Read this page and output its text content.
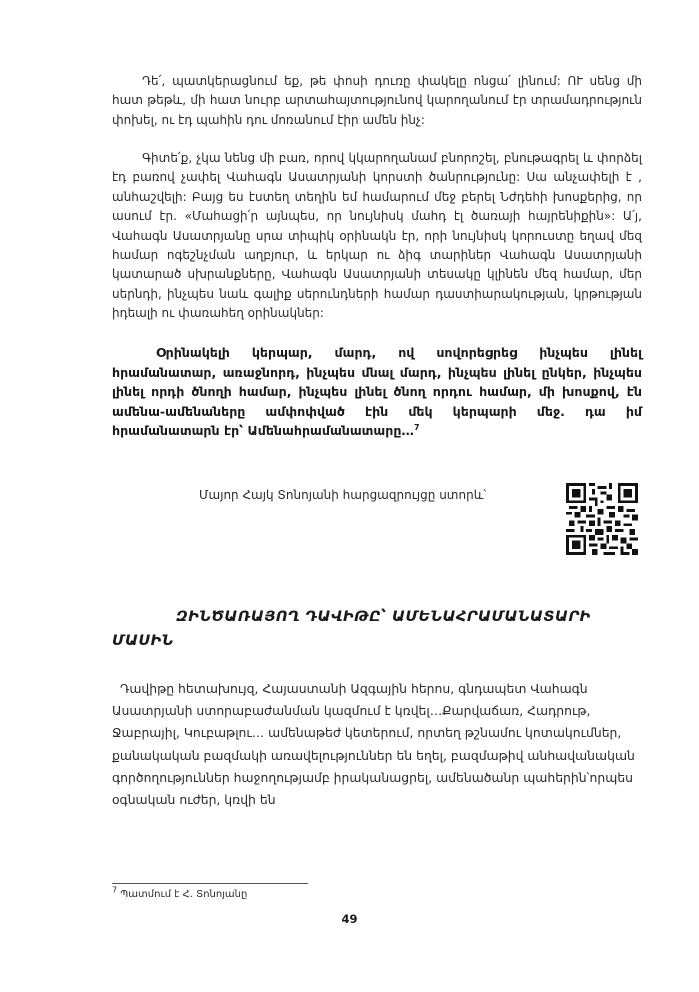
Դե՛, պատկերացնում եք, թե փոսի դուռը փակելը ոնցա՛ լինում: ՈՒ սենց մի հատ թեթև, մի հատ նուրբ արտահայտությունով կարողանում էր տրամադրություն փոխել, ու էդ պահին դու մոռանում էիր ամեն ինչ:

Գիտե՛ք, չկա նենց մի բառ, որով կկարողանամ բնորոշել, բնութագրել և փորձել էդ բառով չափել Վահագն Ասատրյանի կորստի ծանրությունը: Սա անչափելի է , անհաշվելի: Բայց ես էստեղ տեղին եմ համարում մեջ բերել Նժդեհի խոսքերից, որ ասում էր. «Մահացի՛ր այնպես, որ նույնիսկ մահդ էլ ծառայի հայրենիքին»: Ա՛յ, Վահագն Ասատրյանը սրա տիպիկ օրինակն էր, որի նույնիսկ կորուստը եղավ մեզ համար ոգեշնչման աղբյուր, և երկար ու ձիգ տարիներ Վահագն Ասատրյանի կատարած սխրանքները, Վահագն Ասատրյանի տեսակը կլինեն մեզ համար, մեր սերնդի, ինչպես նաև գալիք սերունդների համար դաստիարակության, կրթության իդեալի ու փառահեղ օրինակներ:

Օրինակելի կերպար, մարդ, ով սովորեցրեց ինչպես լինել հրամանատար, առաջնորդ, ինչպես մնալ մարդ, ինչպես լինել ընկեր, ինչպես լինել որդի ծնողի համար, ինչպես լինել ծնող որդու համար, մի խոսքով, էն ամենա-ամենաները ամփոփված էին մեկ կերպարի մեջ. դա իմ հրամանատարն էր՝ Ամենահրամանատարը…$^7$

Մայոր Հայկ Տոնոյանի հարցազրույցը ստորև՝
ԶԻՆԾԱՌԱՅՈՂ ԴԱՎԻԹԸ՝ ԱՄԵՆԱՀՐԱՄԱՆԱՏԱՐԻ ՄԱՍԻՆ

Դավիթը հետախույզ, Հայաստանի Ազգային հերոս, գնդապետ Վահագն Ասատրյանի ստորաբաժանման կազմում է կռվել…Քարվաճառ, Հադրութ, Ջաբրայիլ, Կուբաթլու… ամենաթեժ կետերում, որտեղ թշնամու կոտակումներ, քանակական բազմակի առավելություններ են եղել, բազմաթիվ անհավանական գործողություններ հաջողությամբ իրականացրել, ամենածանր պահերին՝որպես օգնական ուժեր, կռվի են

$^7$ Պատմում է Հ. Տոնոյանը
49
